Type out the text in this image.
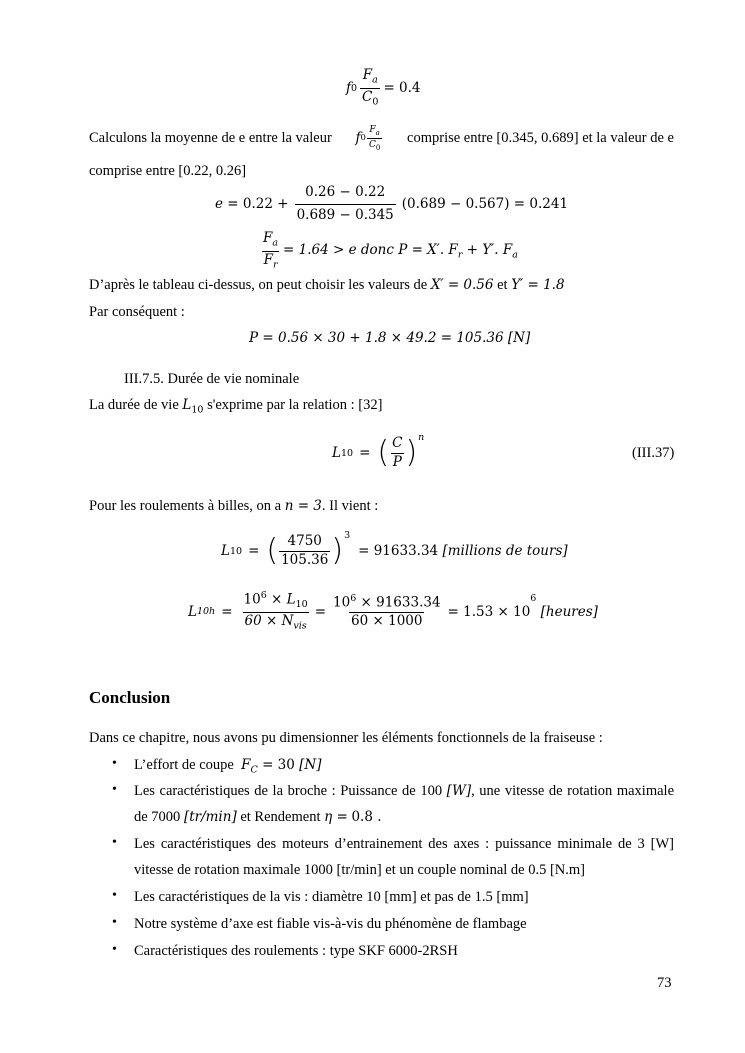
f $0 \frac{F_a}{C_0} = 0.4$
Calculons la moyenne de e entre la valeur f $0 \frac{F_a}{C_0}$ comprise entre [0.345, 0.689] et la valeur de e
comprise entre [0.22, 0.26]
$e = 0.22 + \frac{0.26 - 0.22}{0.689 - 0.345} (0.689 - 0.567) = 0.241$
$\frac{F_a}{F_r} = 1.64 > e$ donc P = X′. $F_r + Y'$. $F_a$
D’après le tableau ci-dessus, on peut choisir les valeurs de X′ = 0.56 et Y′ = 1.8
Par conséquent :
P = 0.56 × 30 + 1.8 × 49.2 = 105.36
[N]
III.7.5. Durée de vie nominale
La durée de vie $L_{10}$ s'exprime par la relation : [32]
L 10 = ( $\frac{C}{P} )^n$
(III.37)
Pour les roulements à billes, on a n = 3. Il vient :
L 10 = ( $\frac{4750}{105.36} )^3$
= 91633.34
[millions de tours]
L $10h = \frac{10^6 \times L_{10}}{60 \times N_{vis}} = \frac{10^6 \times 91633.34}{60 \times 1000} = 1.53 \times 10$
$^6$

[heures]
Conclusion
Dans ce chapitre, nous avons pu dimensionner les éléments fonctionnels de la fraiseuse :
• L’effort de coupe $F_C = 30$ [N]
• Les caractéristiques de la broche : Puissance de 100 [W], une vitesse de rotation maximale
de 7000 [tr/min] et Rendement η = 0.8 .
• Les caractéristiques des moteurs d’entrainement des axes : puissance minimale de 3 [W]
vitesse de rotation maximale 1000 [tr/min] et un couple nominal de 0.5 [N.m]
• Les caractéristiques de la vis : diamètre 10 [mm] et pas de 1.5 [mm]
• Notre système d’axe est fiable vis-à-vis du phénomène de flambage
• Caractéristiques des roulements : type SKF 6000-2RSH
73
